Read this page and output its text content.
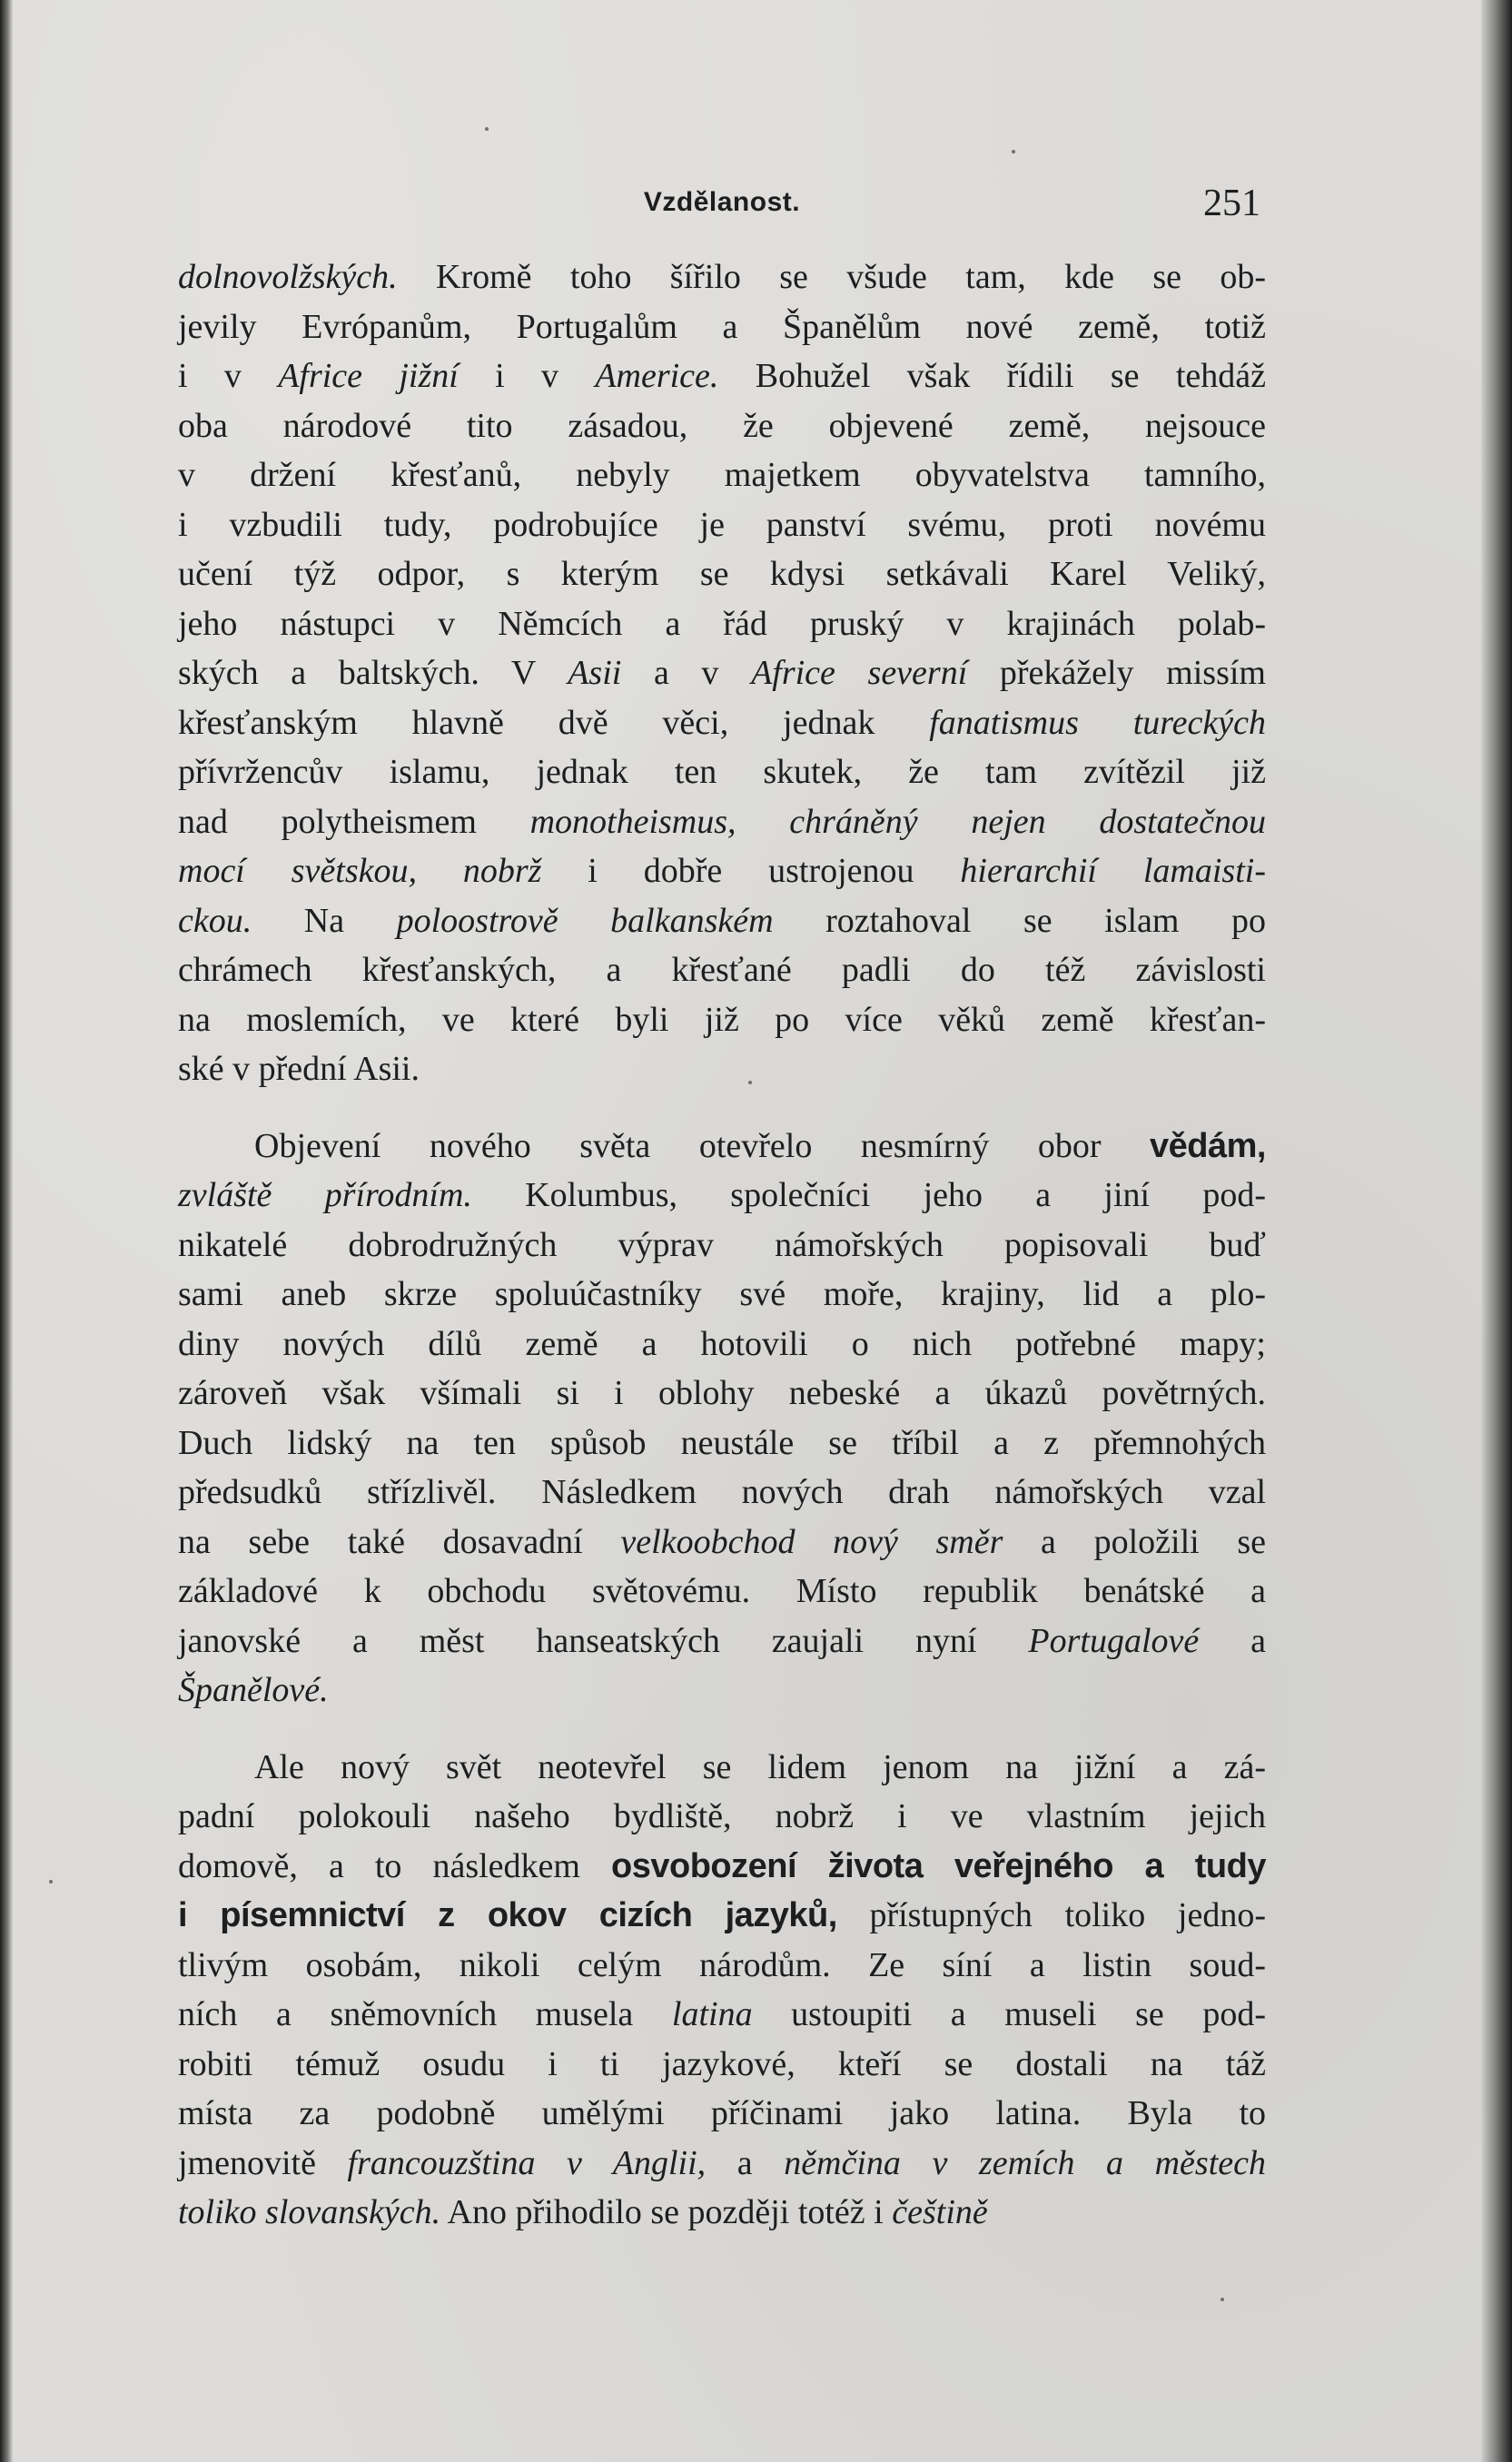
Vzdělanost.	251
dolnovolžských. Kromě toho šířilo se všude tam, kde se ob-
jevily Evrópanům, Portugalům a Španělům nové země, totiž
i v Africe jižní i v Americe. Bohužel však řídili se tehdáž
oba národové tito zásadou, že objevené země, nejsouce
v držení křesťanů, nebyly majetkem obyvatelstva tamního,
i vzbudili tudy, podrobujíce je panství svému, proti novému
učení týž odpor, s kterým se kdysi setkávali Karel Veliký,
jeho nástupci v Němcích a řád pruský v krajinách polab-
ských a baltských. V Asii a v Africe severní překážely missím
křesťanským hlavně dvě věci, jednak fanatismus tureckých
přívržencův islamu, jednak ten skutek, že tam zvítězil již
nad polytheismem monotheismus, chráněný nejen dostatečnou
mocí světskou, nobrž i dobře ustrojenou hierarchií lamaisti-
ckou. Na poloostrově balkanském roztahoval se islam po
chrámech křesťanských, a křesťané padli do též závislosti
na moslemích, ve které byli již po více věků země křesťan-
ské v přední Asii.
Objevení nového světa otevřelo nesmírný obor vědám,
zvláště přírodním. Kolumbus, společníci jeho a jiní pod-
nikatelé dobrodružných výprav námořských popisovali buď
sami aneb skrze spoluúčastníky své moře, krajiny, lid a plo-
diny nových dílů země a hotovili o nich potřebné mapy;
zároveň však všímali si i oblohy nebeské a úkazů povětrných.
Duch lidský na ten spůsob neustále se tříbil a z přemnohých
předsudků střízlivěl. Následkem nových drah námořských vzal
na sebe také dosavadní velkoobchod nový směr a položili se
základové k obchodu světovému. Místo republik benátské a
janovské a měst hanseatských zaujali nyní Portugalové a
Španělové.
Ale nový svět neotevřel se lidem jenom na jižní a zá-
padní polokouli našeho bydliště, nobrž i ve vlastním jejich
domově, a to následkem osvobození života veřejného a tudy
i písemnictví z okov cizích jazyků, přístupných toliko jedno-
tlivým osobám, nikoli celým národům. Ze síní a listin soud-
ních a sněmovních musela latina ustoupiti a museli se pod-
robiti témuž osudu i ti jazykové, kteří se dostali na táž
místa za podobně umělými příčinami jako latina. Byla to
jmenovitě francouzština v Anglii, a němčina v zemích a městech
toliko slovanských. Ano přihodilo se později totéž i češtině
